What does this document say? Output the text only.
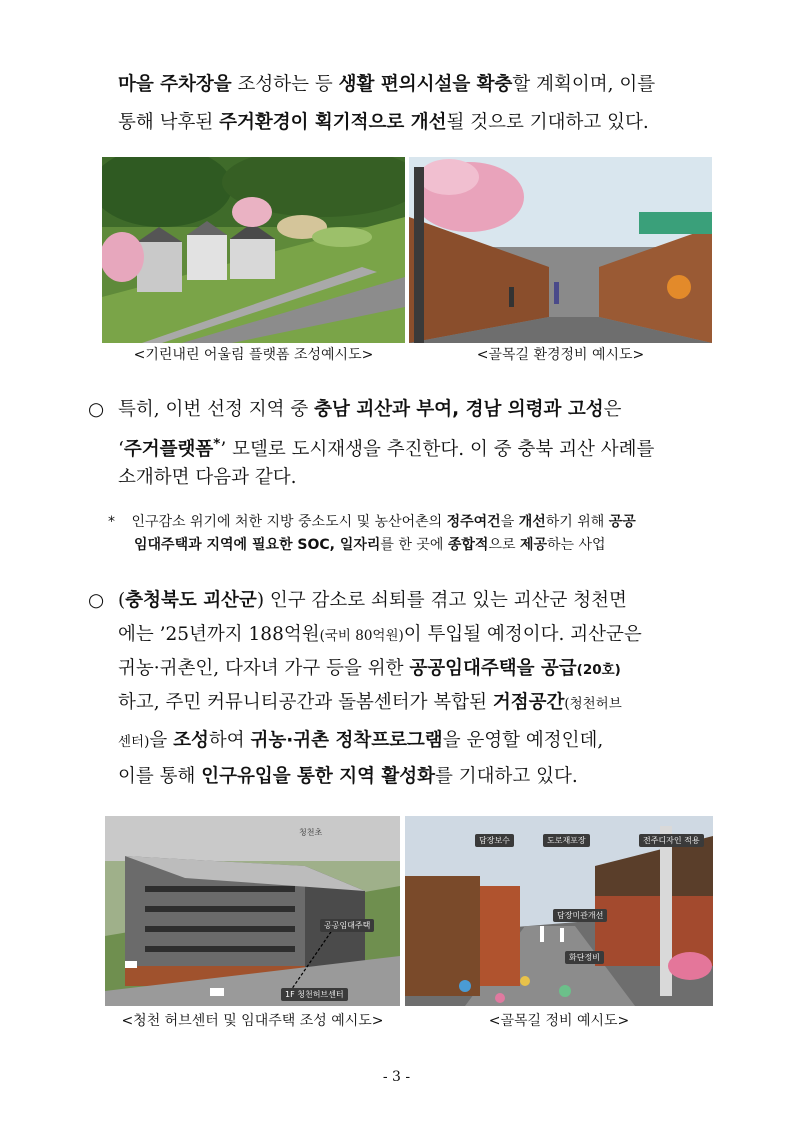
마을 주차장을 조성하는 등 생활 편의시설을 확충할 계획이며, 이를
통해 낙후된 주거환경이 획기적으로 개선될 것으로 기대하고 있다.
<기린내린 어울림 플랫폼 조성예시도>	<골목길 환경정비 예시도>
○ 특히, 이번 선정 지역 중 충남 괴산과 부여, 경남 의령과 고성은
‘주거플랫폼*’ 모델로 도시재생을 추진한다. 이 중 충북 괴산 사례를
소개하면 다음과 같다.
* 인구감소 위기에 처한 지방 중소도시 및 농산어촌의 정주여건을 개선하기 위해 공공
임대주택과 지역에 필요한 SOC, 일자리를 한 곳에 종합적으로 제공하는 사업
○ (충청북도 괴산군) 인구 감소로 쇠퇴를 겪고 있는 괴산군 청천면
에는 ’25년까지 188억원(국비 80억원)이 투입될 예정이다. 괴산군은
귀농·귀촌인, 다자녀 가구 등을 위한 공공임대주택을 공급(20호)
하고, 주민 커뮤니티공간과 돌봄센터가 복합된 거점공간(청천허브
센터)을 조성하여 귀농·귀촌 정착프로그램을 운영할 예정인데,
이를 통해 인구유입을 통한 지역 활성화를 기대하고 있다.
청천초
공공임대주택
1F 청천허브센터
담장보수	도로재포장	전주디자인 적용
담장미관개선
화단정비
<청천 허브센터 및 임대주택 조성 예시도>	<골목길 정비 예시도>
- 3 -
